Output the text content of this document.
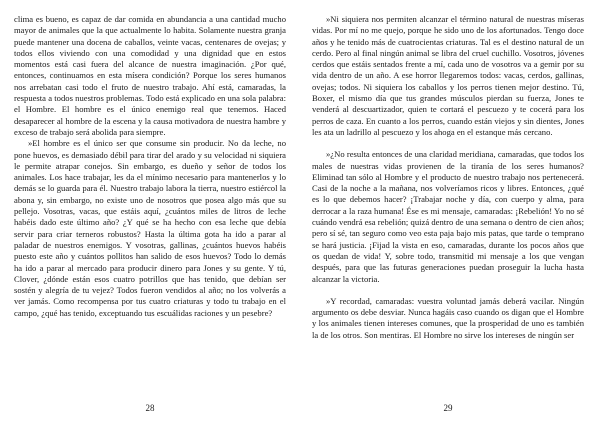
clima es bueno, es capaz de dar comida en abundancia a una cantidad mucho mayor de animales que la que actualmente lo habita. Solamente nuestra granja puede mantener una docena de caballos, veinte vacas, centenares de ovejas; y todos ellos viviendo con una comodidad y una dignidad que en estos momentos está casi fuera del alcance de nuestra imaginación. ¿Por qué, entonces, continuamos en esta mísera condición? Porque los seres humanos nos arrebatan casi todo el fruto de nuestro trabajo. Ahí está, camaradas, la respuesta a todos nuestros problemas. Todo está explicado en una sola palabra: el Hombre. El hombre es el único enemigo real que tenemos. Haced desaparecer al hombre de la escena y la causa motivadora de nuestra hambre y exceso de trabajo será abolida para siempre.

»El hombre es el único ser que consume sin producir. No da leche, no pone huevos, es demasiado débil para tirar del arado y su velocidad ni siquiera le permite atrapar conejos. Sin embargo, es dueño y señor de todos los animales. Los hace trabajar, les da el mínimo necesario para mantenerlos y lo demás se lo guarda para él. Nuestro trabajo labora la tierra, nuestro estiércol la abona y, sin embargo, no existe uno de nosotros que posea algo más que su pellejo. Vosotras, vacas, que estáis aquí, ¿cuántos miles de litros de leche habéis dado este último año? ¿Y qué se ha hecho con esa leche que debía servir para criar terneros robustos? Hasta la última gota ha ido a parar al paladar de nuestros enemigos. Y vosotras, gallinas, ¿cuántos huevos habéis puesto este año y cuántos pollitos han salido de esos huevos? Todo lo demás ha ido a parar al mercado para producir dinero para Jones y su gente. Y tú, Clover, ¿dónde están esos cuatro potrillos que has tenido, que debían ser sostén y alegría de tu vejez? Todos fueron vendidos al año; no los volverás a ver jamás. Como recompensa por tus cuatro criaturas y todo tu trabajo en el campo, ¿qué has tenido, exceptuando tus escuálidas raciones y un pesebre?

28

»Ni siquiera nos permiten alcanzar el término natural de nuestras míseras vidas. Por mí no me quejo, porque he sido uno de los afortunados. Tengo doce años y he tenido más de cuatrocientas criaturas. Tal es el destino natural de un cerdo. Pero al final ningún animal se libra del cruel cuchillo. Vosotros, jóvenes cerdos que estáis sentados frente a mí, cada uno de vosotros va a gemir por su vida dentro de un año. A ese horror llegaremos todos: vacas, cerdos, gallinas, ovejas; todos. Ni siquiera los caballos y los perros tienen mejor destino. Tú, Boxer, el mismo día que tus grandes músculos pierdan su fuerza, Jones te venderá al descuartizador, quien te cortará el pescuezo y te cocerá para los perros de caza. En cuanto a los perros, cuando están viejos y sin dientes, Jones les ata un ladrillo al pescuezo y los ahoga en el estanque más cercano.

»¿No resulta entonces de una claridad meridiana, camaradas, que todos los males de nuestras vidas provienen de la tiranía de los seres humanos? Eliminad tan sólo al Hombre y el producto de nuestro trabajo nos pertenecerá. Casi de la noche a la mañana, nos volveríamos ricos y libres. Entonces, ¿qué es lo que debemos hacer? ¡Trabajar noche y día, con cuerpo y alma, para derrocar a la raza humana! Ése es mi mensaje, camaradas: ¡Rebelión! Yo no sé cuándo vendrá esa rebelión; quizá dentro de una semana o dentro de cien años; pero sí sé, tan seguro como veo esta paja bajo mis patas, que tarde o temprano se hará justicia. ¡Fijad la vista en eso, camaradas, durante los pocos años que os quedan de vida! Y, sobre todo, transmitid mi mensaje a los que vengan después, para que las futuras generaciones puedan proseguir la lucha hasta alcanzar la victoria.

»Y recordad, camaradas: vuestra voluntad jamás deberá vacilar. Ningún argumento os debe desviar. Nunca hagáis caso cuando os digan que el Hombre y los animales tienen intereses comunes, que la prosperidad de uno es también la de los otros. Son mentiras. El Hombre no sirve los intereses de ningún ser

29
